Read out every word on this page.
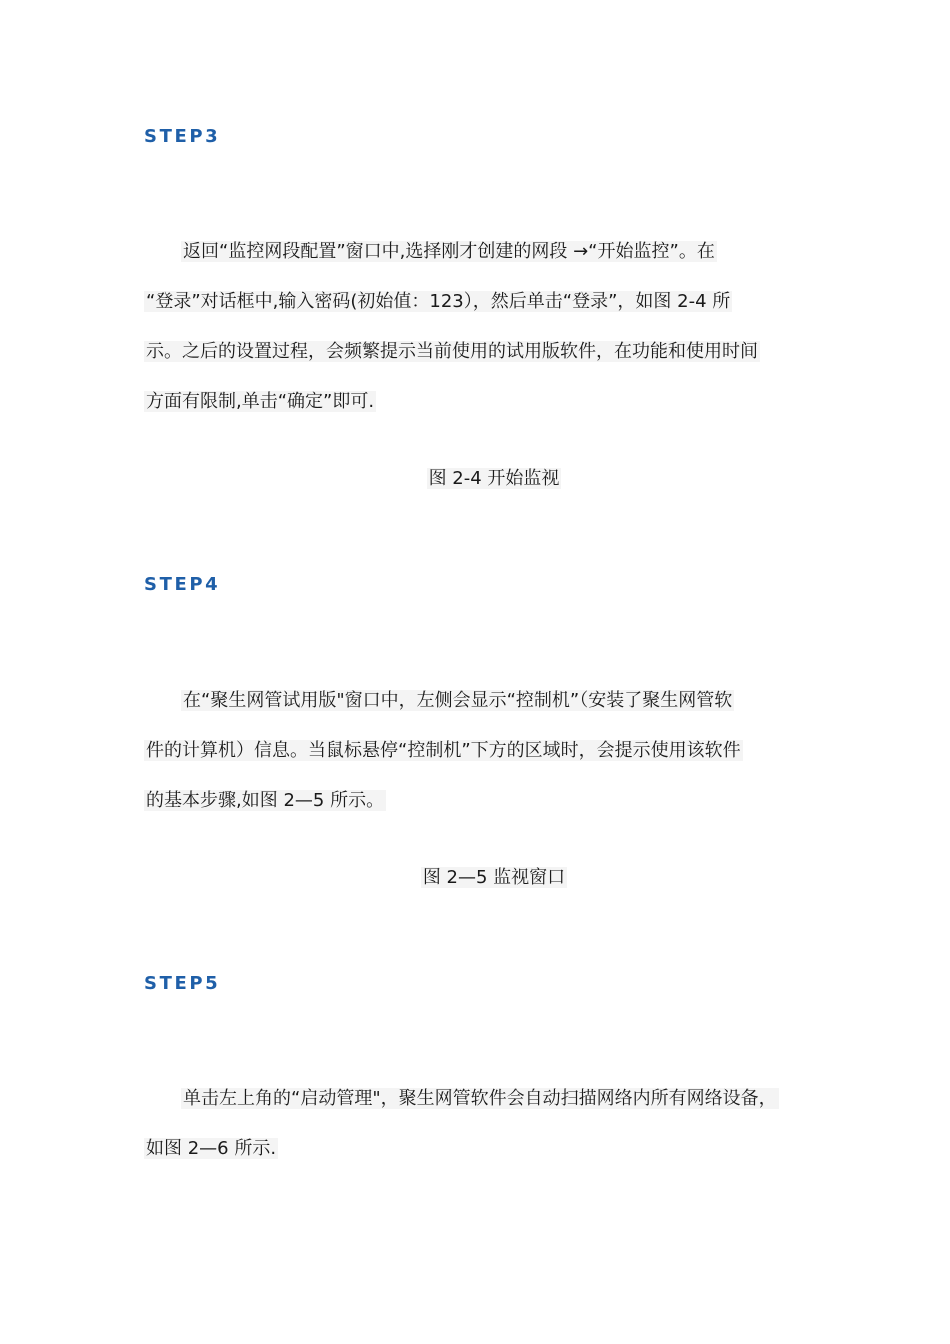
STEP3

返回“监控网段配置”窗口中,选择刚才创建的网段 →“开始监控”。在

“登录”对话框中,输入密码(初始值：123），然后单击“登录”，如图 2-4 所

示。之后的设置过程，会频繁提示当前使用的试用版软件，在功能和使用时间

方面有限制,单击“确定”即可.

图 2-4 开始监视

STEP4

在“聚生网管试用版"窗口中，左侧会显示“控制机”（安装了聚生网管软

件的计算机）信息。当鼠标悬停“控制机”下方的区域时，会提示使用该软件

的基本步骤,如图 2—5 所示。

图 2—5 监视窗口

STEP5

单击左上角的“启动管理"，聚生网管软件会自动扫描网络内所有网络设备，

如图 2—6 所示.
